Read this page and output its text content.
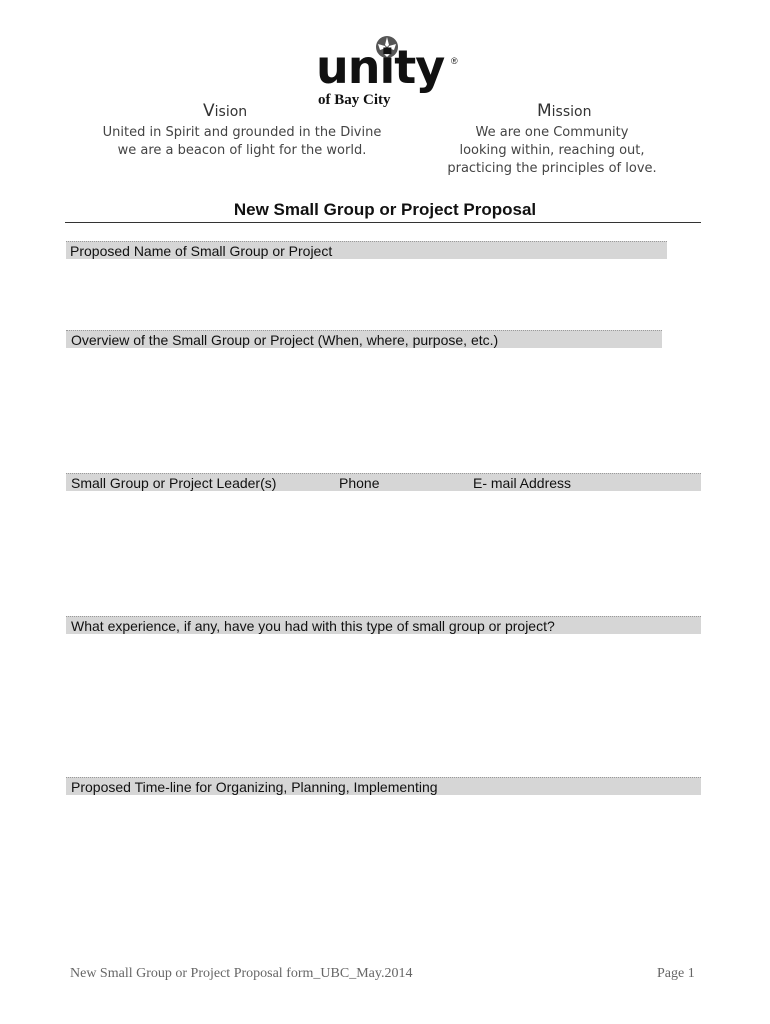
unity ®
of Bay City
Vision
United in Spirit and grounded in the Divine
we are a beacon of light for the world.
Mission
We are one Community
looking within, reaching out,
practicing the principles of love.
New Small Group or Project Proposal
Proposed Name of Small Group or Project
Overview of the Small Group or Project (When, where, purpose, etc.)
Small Group or Project Leader(s)	Phone	E- mail Address
What experience, if any, have you had with this type of small group or project?
Proposed Time-line for Organizing, Planning, Implementing
New Small Group or Project Proposal form_UBC_May.2014	Page 1
